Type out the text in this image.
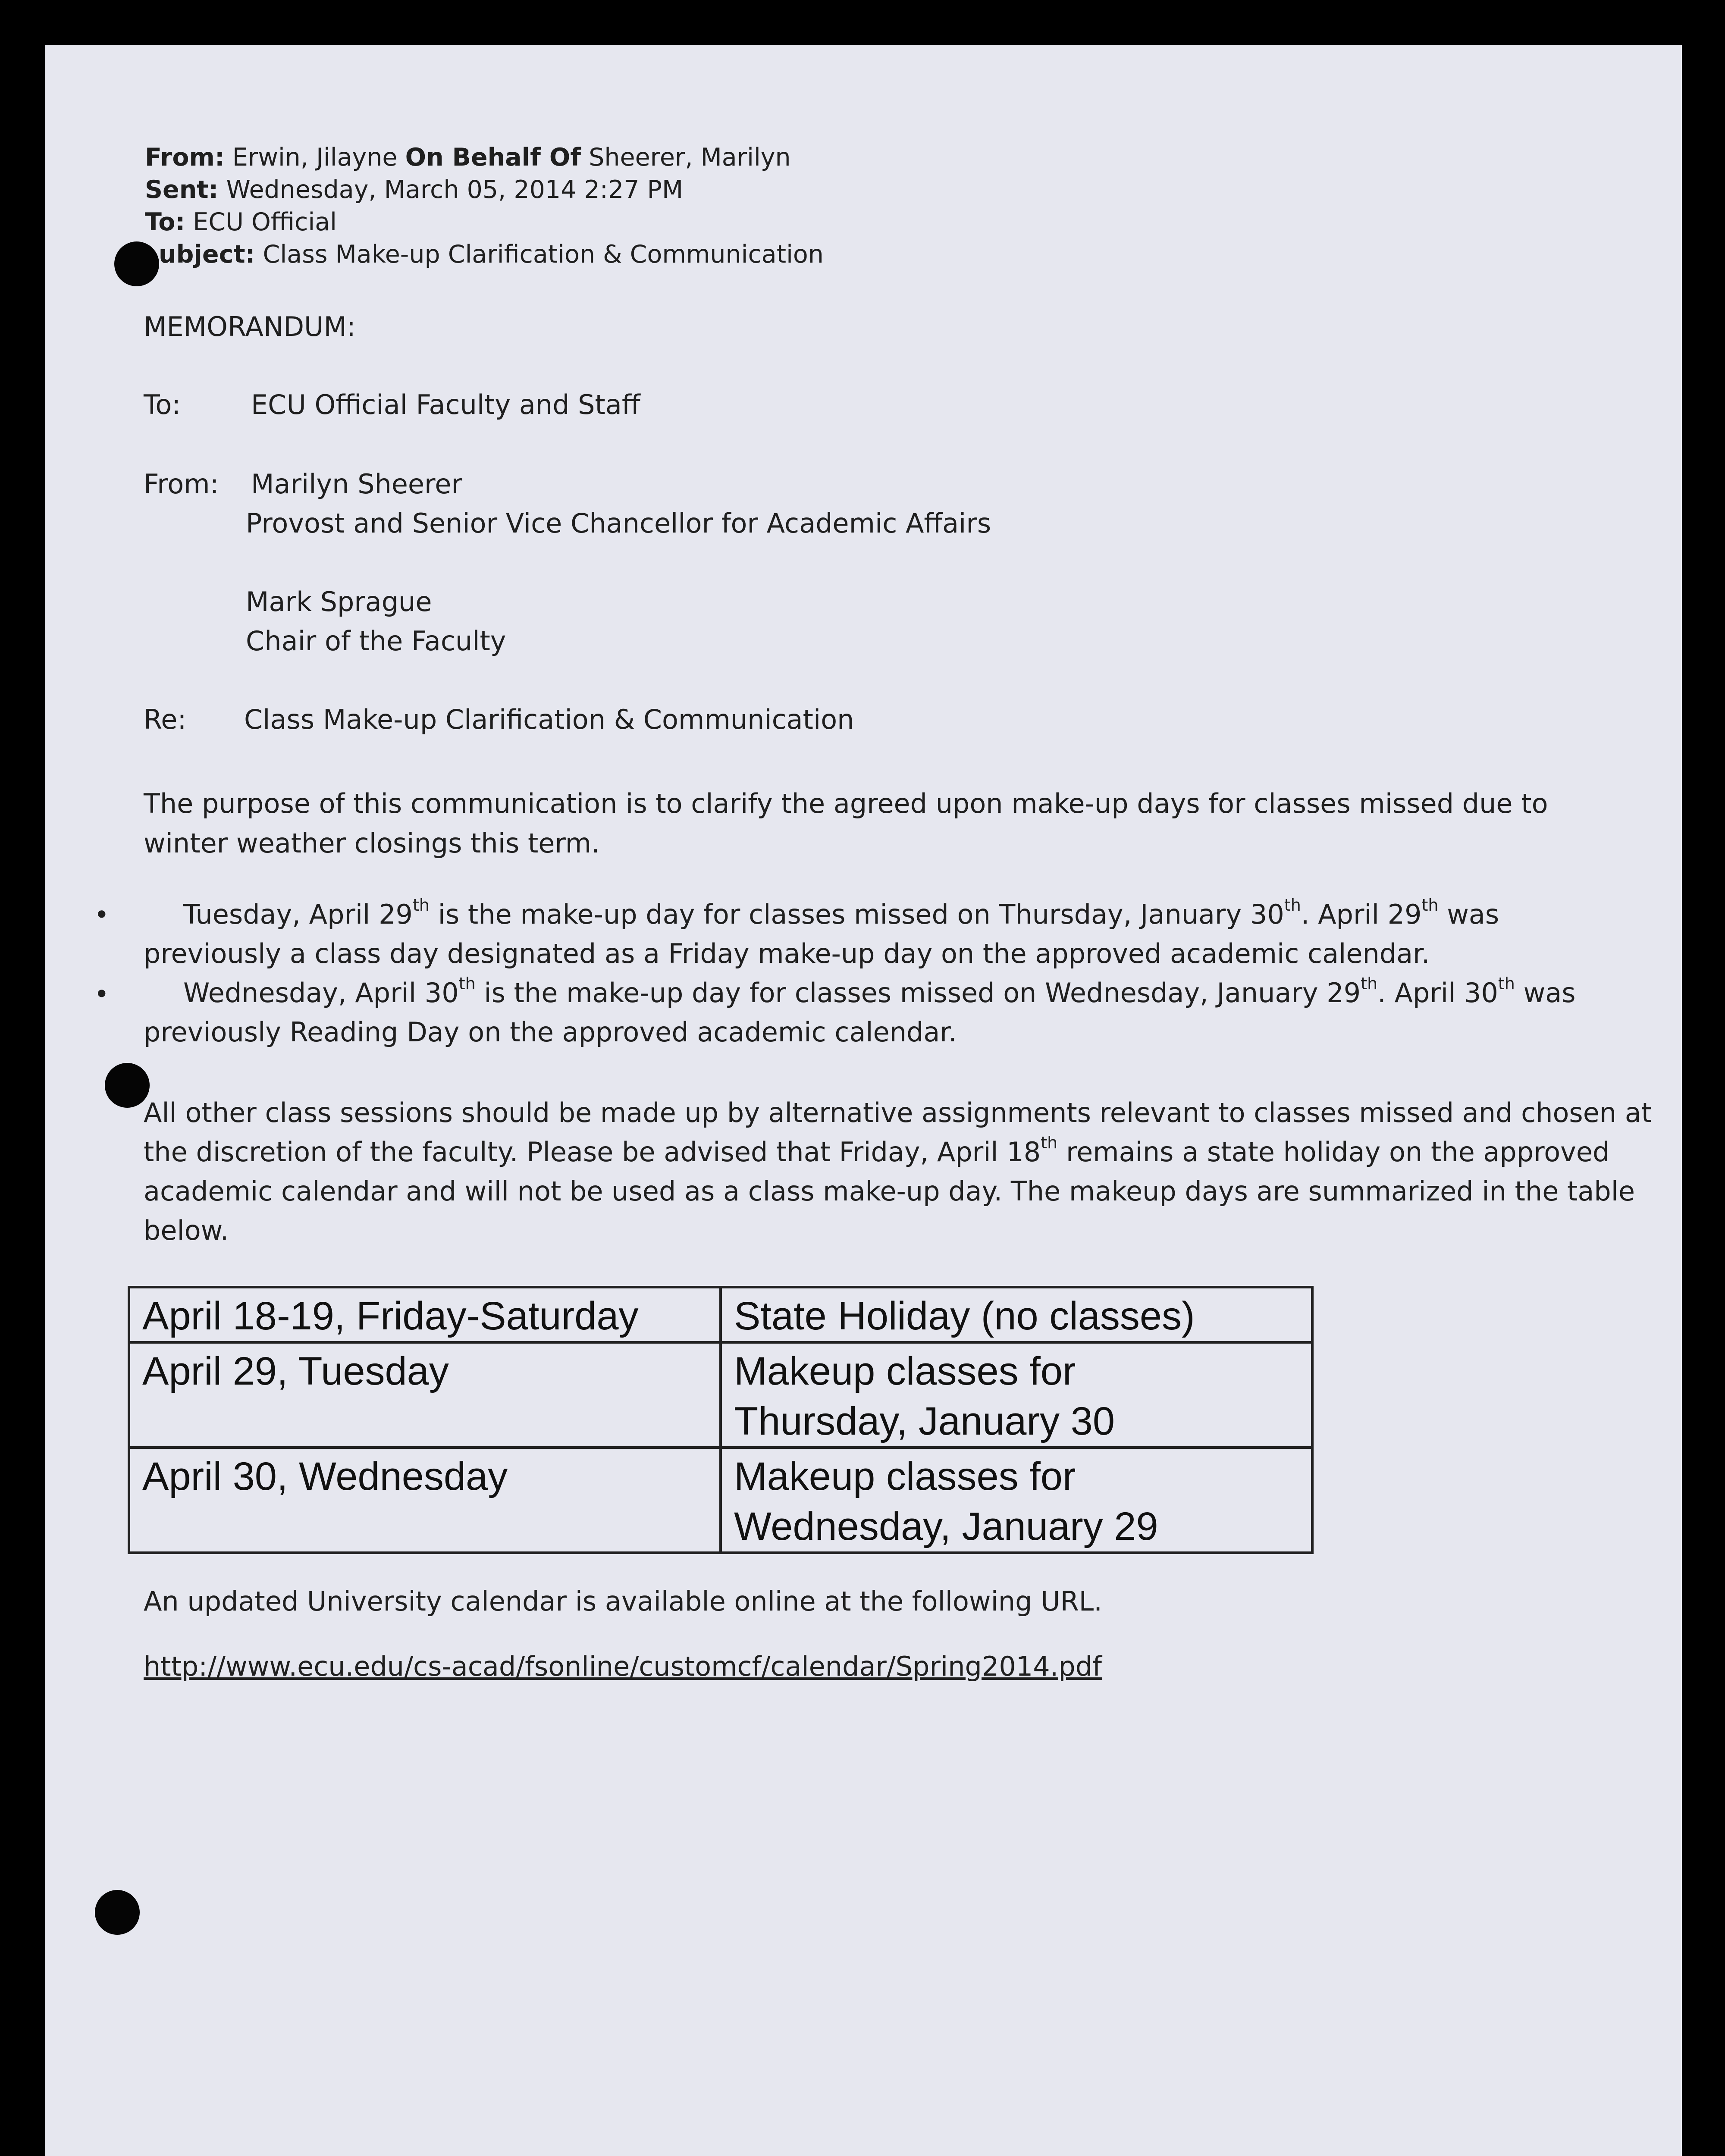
From: Erwin, Jilayne On Behalf Of Sheerer, Marilyn
Sent: Wednesday, March 05, 2014 2:27 PM
To: ECU Official
ubject: Class Make-up Clarification & Communication
MEMORANDUM:
To:	ECU Official Faculty and Staff
From: Marilyn Sheerer
Provost and Senior Vice Chancellor for Academic Affairs
Mark Sprague
Chair of the Faculty
Re: Class Make-up Clarification & Communication
The purpose of this communication is to clarify the agreed upon make-up days for classes missed due to
winter weather closings this term.
•	Tuesday, April 29th is the make-up day for classes missed on Thursday, January 30th. April 29th was
previously a class day designated as a Friday make-up day on the approved academic calendar.
•	Wednesday, April 30th is the make-up day for classes missed on Wednesday, January 29th. April 30th was
previously Reading Day on the approved academic calendar.
All other class sessions should be made up by alternative assignments relevant to classes missed and chosen at
the discretion of the faculty. Please be advised that Friday, April 18th remains a state holiday on the approved
academic calendar and will not be used as a class make-up day. The makeup days are summarized in the table
below.
April 18-19, Friday-Saturday	State Holiday (no classes)
April 29, Tuesday	Makeup classes for
Thursday, January 30
April 30, Wednesday	Makeup classes for
Wednesday, January 29
An updated University calendar is available online at the following URL.
http://www.ecu.edu/cs-acad/fsonline/customcf/calendar/Spring2014.pdf
